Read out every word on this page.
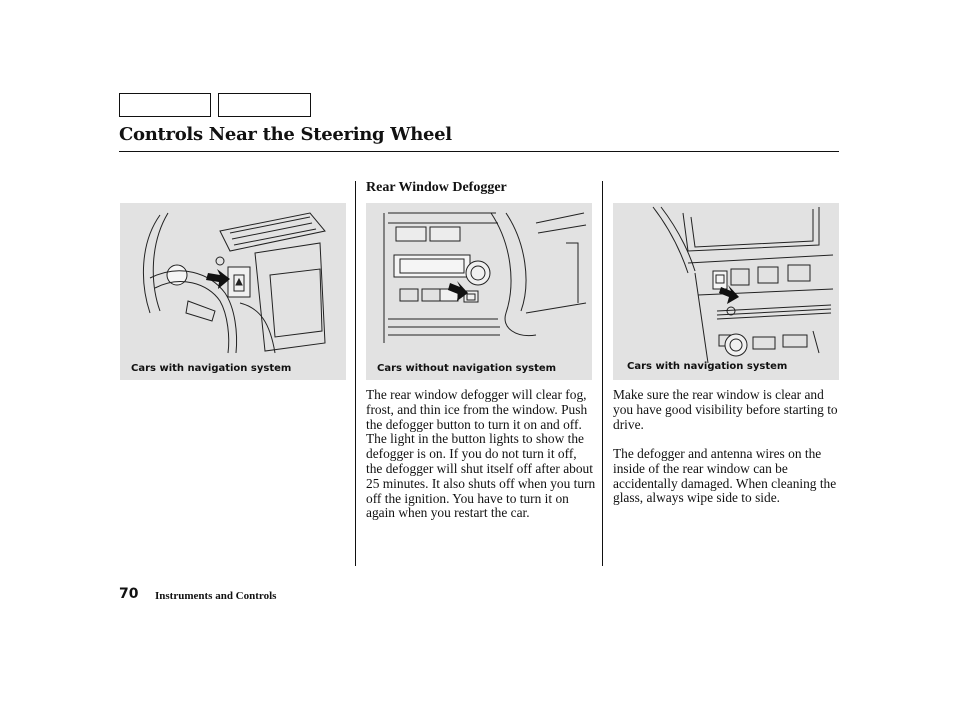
Controls Near the Steering Wheel
Rear Window Defogger

Cars with navigation system	Cars without navigation system	Cars with navigation system

The rear window defogger will clear fog, frost, and thin ice from the window. Push the defogger button to turn it on and off. The light in the button lights to show the defogger is on. If you do not turn it off, the defogger will shut itself off after about 25 minutes. It also shuts off when you turn off the ignition. You have to turn it on again when you restart the car.

Make sure the rear window is clear and you have good visibility before starting to drive.

The defogger and antenna wires on the inside of the rear window can be accidentally damaged. When cleaning the glass, always wipe side to side.

70 Instruments and Controls
